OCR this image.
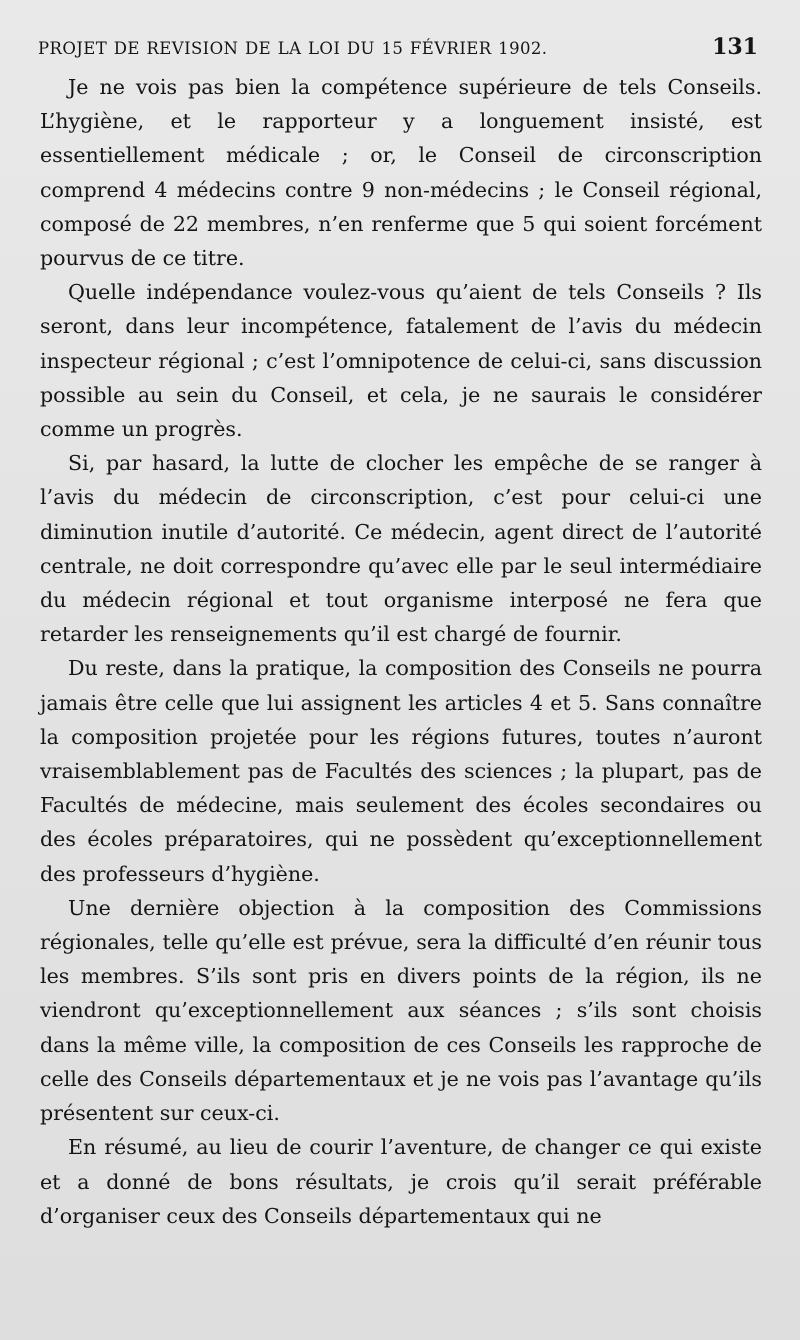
PROJET DE REVISION DE LA LOI DU 15 FÉVRIER 1902.	131

Je ne vois pas bien la compétence supérieure de tels Conseils. L’hygiène, et le rapporteur y a longuement insisté, est essentiellement médicale ; or, le Conseil de circonscription comprend 4 médecins contre 9 non-médecins ; le Conseil régional, composé de 22 membres, n’en renferme que 5 qui soient forcément pourvus de ce titre.

Quelle indépendance voulez-vous qu’aient de tels Conseils ? Ils seront, dans leur incompétence, fatalement de l’avis du médecin inspecteur régional ; c’est l’omnipotence de celui-ci, sans discussion possible au sein du Conseil, et cela, je ne saurais le considérer comme un progrès.

Si, par hasard, la lutte de clocher les empêche de se ranger à l’avis du médecin de circonscription, c’est pour celui-ci une diminution inutile d’autorité. Ce médecin, agent direct de l’autorité centrale, ne doit correspondre qu’avec elle par le seul intermédiaire du médecin régional et tout organisme interposé ne fera que retarder les renseignements qu’il est chargé de fournir.

Du reste, dans la pratique, la composition des Conseils ne pourra jamais être celle que lui assignent les articles 4 et 5. Sans connaître la composition projetée pour les régions futures, toutes n’auront vraisemblablement pas de Facultés des sciences ; la plupart, pas de Facultés de médecine, mais seulement des écoles secondaires ou des écoles préparatoires, qui ne possèdent qu’exceptionnellement des professeurs d’hygiène.

Une dernière objection à la composition des Commissions régionales, telle qu’elle est prévue, sera la difficulté d’en réunir tous les membres. S’ils sont pris en divers points de la région, ils ne viendront qu’exceptionnellement aux séances ; s’ils sont choisis dans la même ville, la composition de ces Conseils les rapproche de celle des Conseils départementaux et je ne vois pas l’avantage qu’ils présentent sur ceux-ci.

En résumé, au lieu de courir l’aventure, de changer ce qui existe et a donné de bons résultats, je crois qu’il serait préférable d’organiser ceux des Conseils départementaux qui ne
